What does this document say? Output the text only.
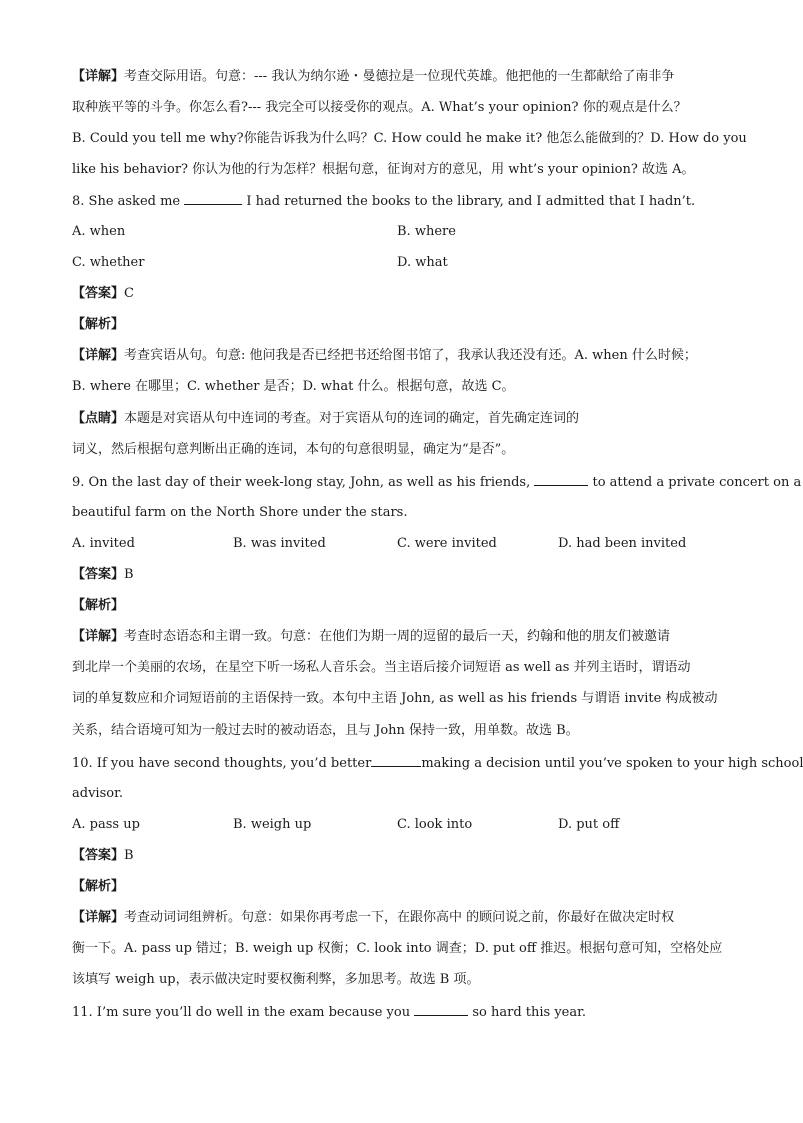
【详解】考查交际用语。句意：--- 我认为纳尔逊・曼德拉是一位现代英雄。他把他的一生都献给了南非争
取种族平等的斗争。你怎么看?--- 我完全可以接受你的观点。A. What’s your opinion? 你的观点是什么？
B. Could you tell me why?你能告诉我为什么吗？C. How could he make it? 他怎么能做到的？D. How do you
like his behavior? 你认为他的行为怎样？根据句意，征询对方的意见，用 wht’s your opinion? 故选 A。
8. She asked me	I had returned the books to the library, and I admitted that I hadn’t.
A. when	B. where
C. whether	D. what
【答案】C
【解析】
【详解】考查宾语从句。句意: 他问我是否已经把书还给图书馆了，我承认我还没有还。A. when 什么时候；
B. where 在哪里；C. whether 是否；D. what 什么。根据句意，故选 C。
【点睛】本题是对宾语从句中连词的考查。对于宾语从句的连词的确定，首先确定连词的
词义，然后根据句意判断出正确的连词，本句的句意很明显，确定为“是否”。
9. On the last day of their week-long stay, John, as well as his friends,	to attend a private concert on a
beautiful farm on the North Shore under the stars.
A. invited	B. was invited	C. were invited	D. had been invited
【答案】B
【解析】
【详解】考查时态语态和主谓一致。句意：在他们为期一周的逗留的最后一天，约翰和他的朋友们被邀请
到北岸一个美丽的农场，在星空下听一场私人音乐会。当主语后接介词短语 as well as 并列主语时，谓语动
词的单复数应和介词短语前的主语保持一致。本句中主语 John, as well as his friends 与谓语 invite 构成被动
关系，结合语境可知为一般过去时的被动语态，且与 John 保持一致，用单数。故选 B。
10. If you have second thoughts, you’d better	making a decision until you’ve spoken to your high school
advisor.
A. pass up	B. weigh up	C. look into	D. put off
【答案】B
【解析】
【详解】考查动词词组辨析。句意：如果你再考虑一下，在跟你高中 的顾问说之前，你最好在做决定时权
衡一下。A. pass up 错过；B. weigh up 权衡；C. look into 调查；D. put off 推迟。根据句意可知，空格处应
该填写 weigh up，表示做决定时要权衡利弊，多加思考。故选 B 项。
11. I’m sure you’ll do well in the exam because you	so hard this year.
